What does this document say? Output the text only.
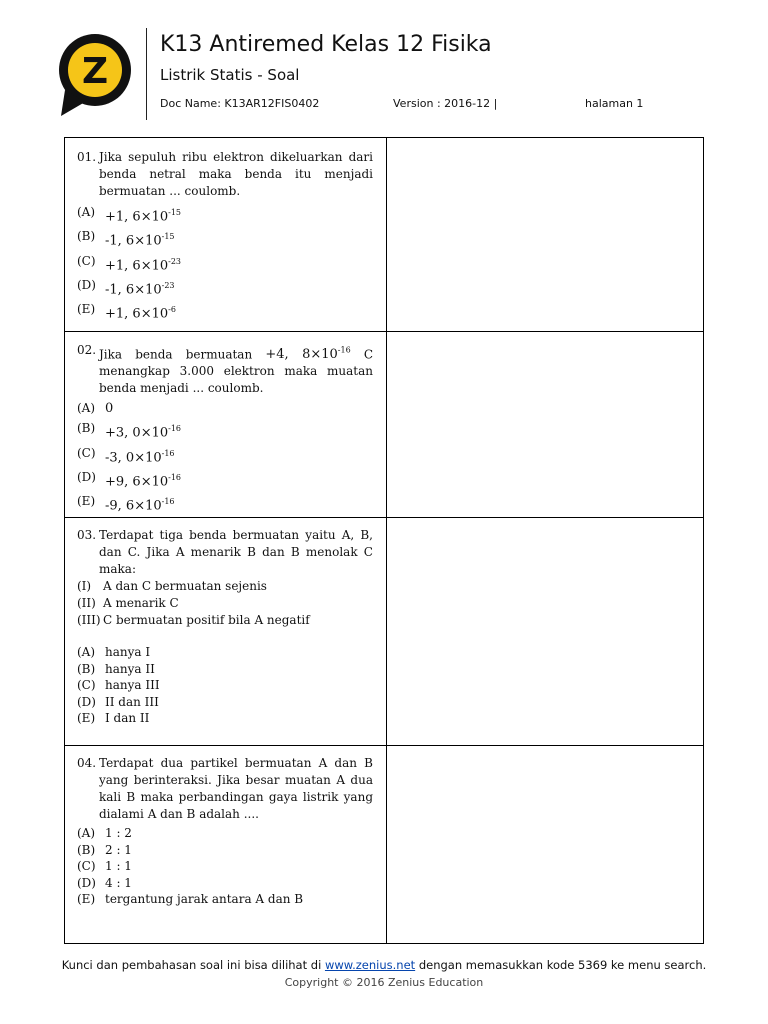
Z
K13 Antiremed Kelas 12 Fisika
Listrik Statis - Soal
Doc Name: K13AR12FIS0402	Version : 2016-12 |	halaman 1
01. Jika sepuluh ribu elektron dikeluarkan dari benda netral maka benda itu menjadi bermuatan ... coulomb.
(A) +1, $6\times 10^{-15}$
(B) -1, $6\times 10^{-15}$
(C) +1, $6\times 10^{-23}$
(D) -1, $6\times 10^{-23}$
(E) +1, $6\times 10^{-6}$
02. Jika benda bermuatan +4, $8\times 10^{-16}$ C menangkap 3.000 elektron maka muatan benda menjadi ... coulomb.
(A) 0
(B) +3, $0\times 10^{-16}$
(C) -3, $0\times 10^{-16}$
(D) +9, $6\times 10^{-16}$
(E) -9, $6\times 10^{-16}$
03. Terdapat tiga benda bermuatan yaitu A, B, dan C. Jika A menarik B dan B menolak C maka:
(I) A dan C bermuatan sejenis
(II) A menarik C
(III) C bermuatan positif bila A negatif
(A) hanya I
(B) hanya II
(C) hanya III
(D) II dan III
(E) I dan II
04. Terdapat dua partikel bermuatan A dan B yang berinteraksi. Jika besar muatan A dua kali B maka perbandingan gaya listrik yang dialami A dan B adalah ....
(A) 1 : 2
(B) 2 : 1
(C) 1 : 1
(D) 4 : 1
(E) tergantung jarak antara A dan B
Kunci dan pembahasan soal ini bisa dilihat di www.zenius.net dengan memasukkan kode 5369 ke menu search.
Copyright © 2016 Zenius Education
